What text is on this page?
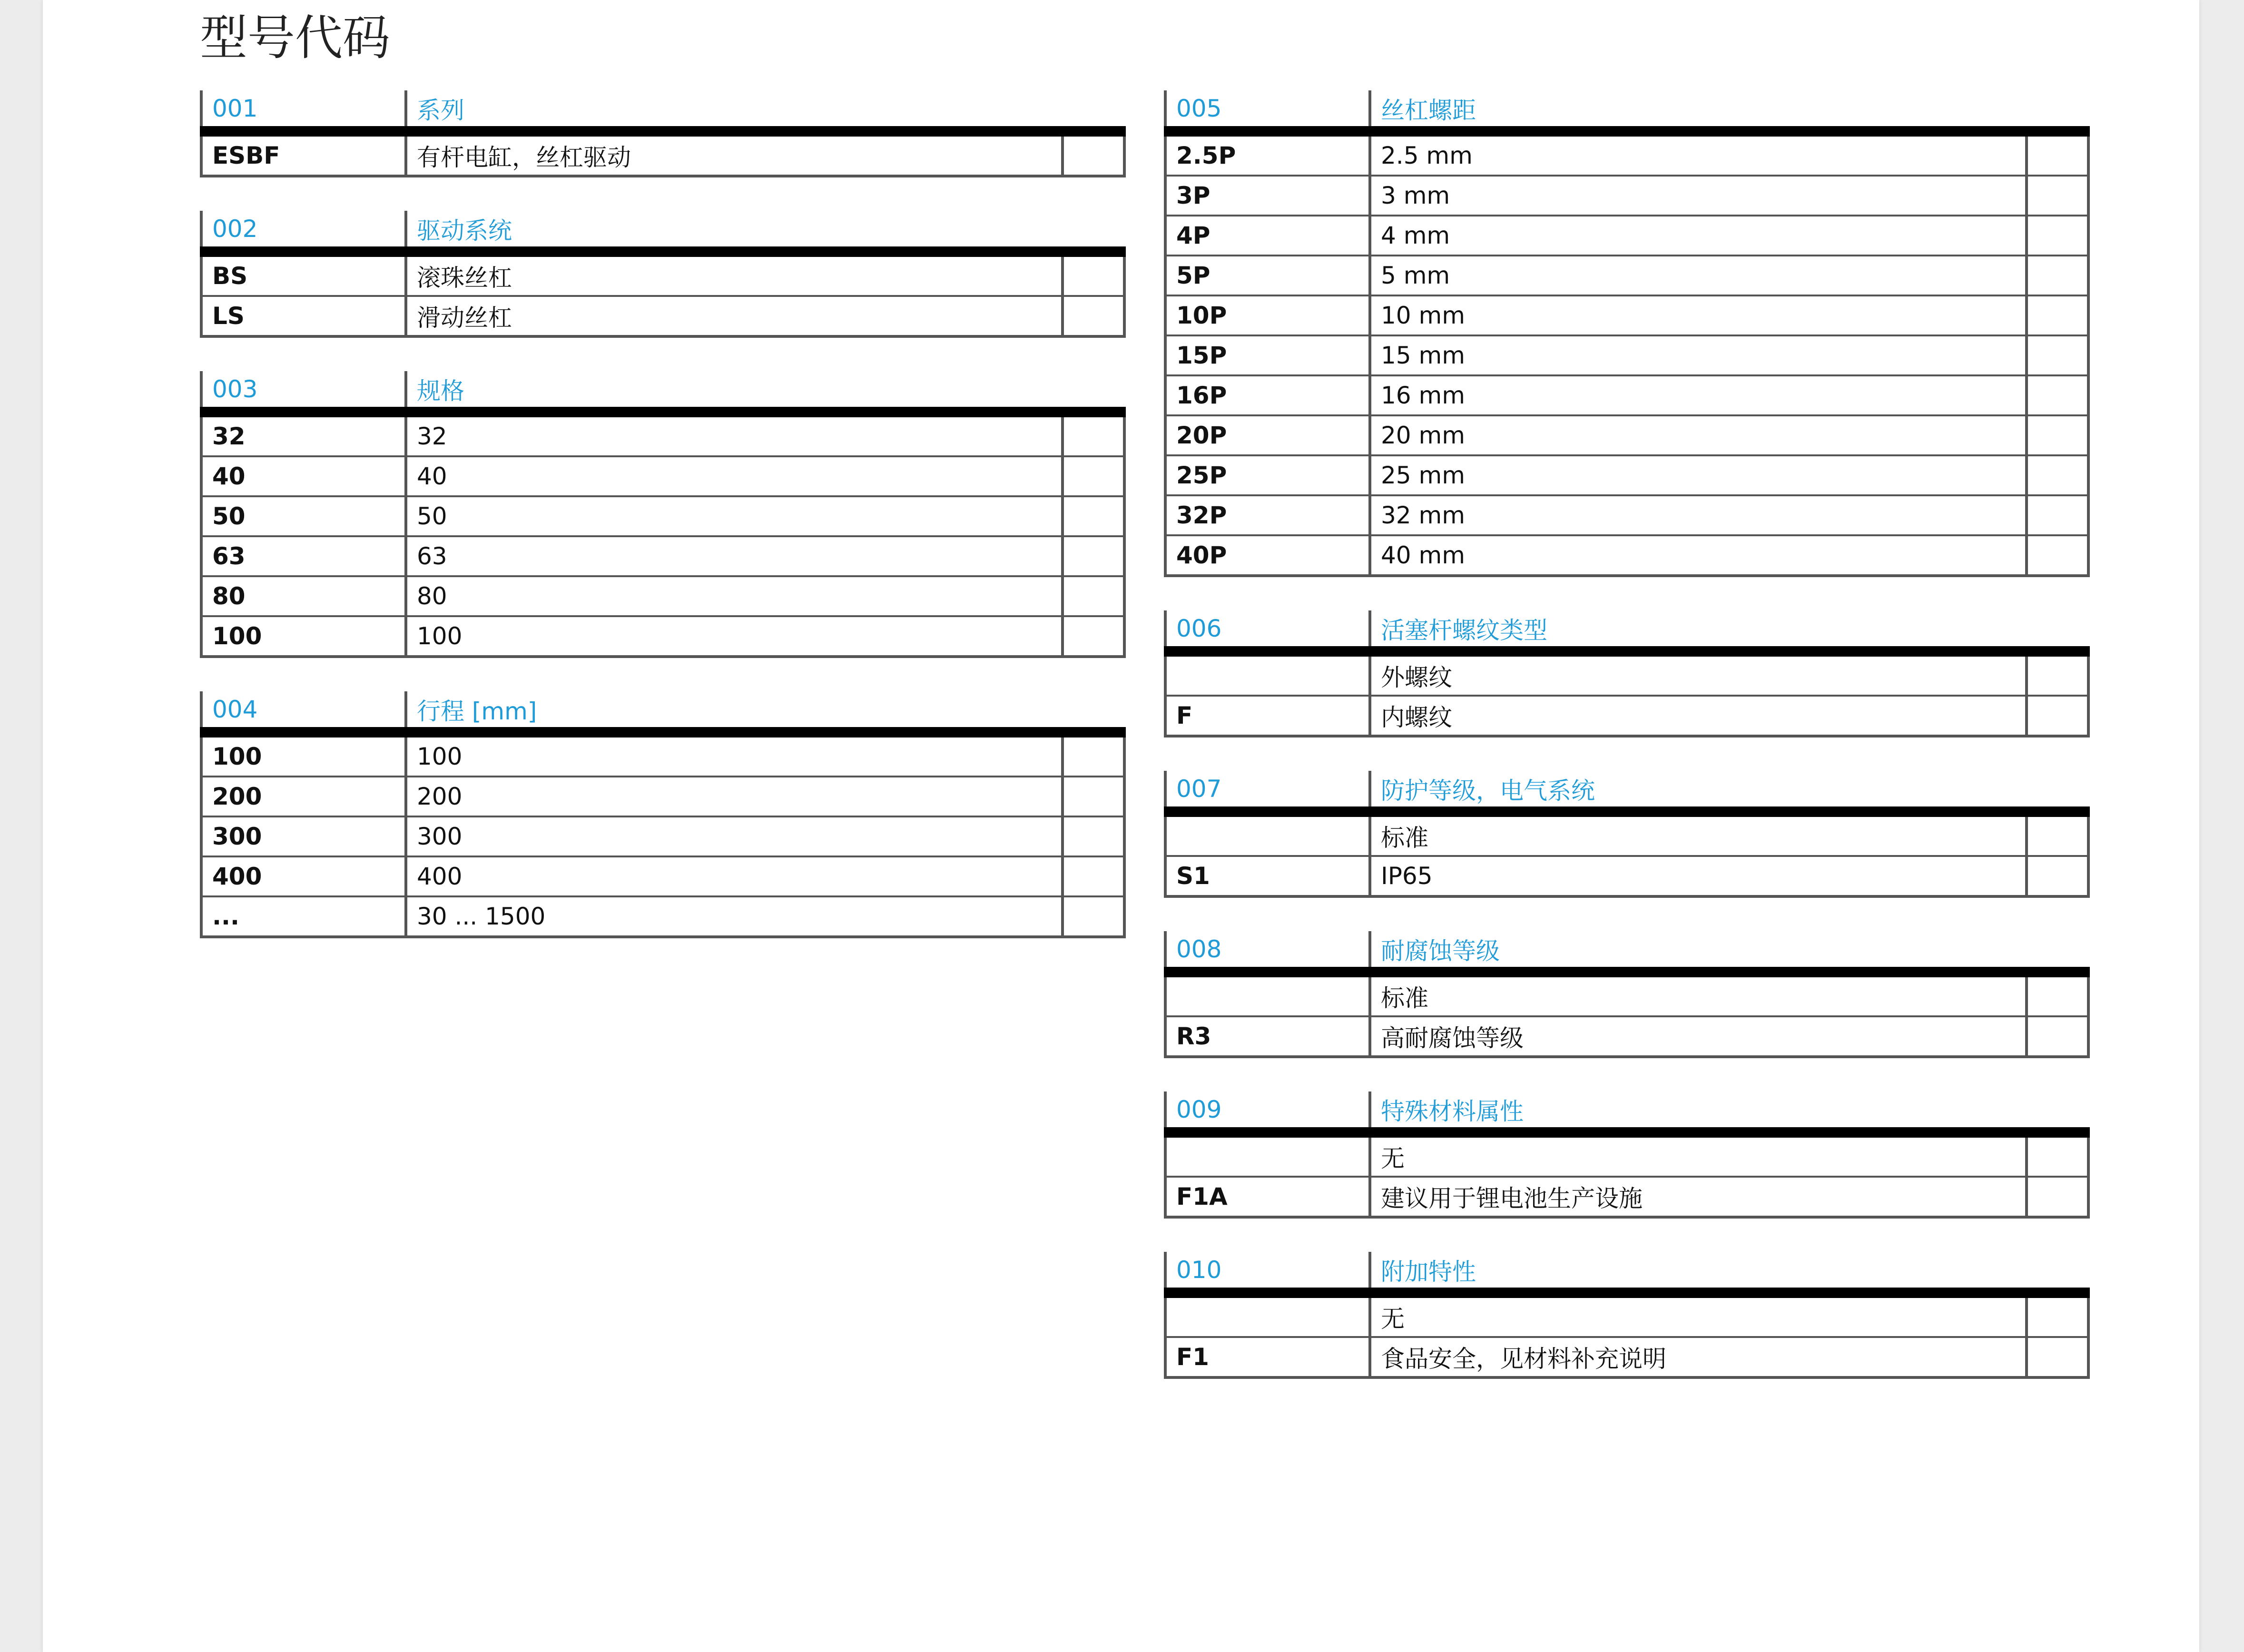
型号代码
001	系列	
ESBF	有杆电缸，丝杠驱动	
002	驱动系统	
BS	滚珠丝杠	
LS	滑动丝杠	
003	规格	
32	32	
40	40	
50	50	
63	63	
80	80	
100	100	
004	行程 [mm]	
100	100	
200	200	
300	300	
400	400	
...	30 ... 1500	
005	丝杠螺距	
2.5P	2.5 mm	
3P	3 mm	
4P	4 mm	
5P	5 mm	
10P	10 mm	
15P	15 mm	
16P	16 mm	
20P	20 mm	
25P	25 mm	
32P	32 mm	
40P	40 mm	
006	活塞杆螺纹类型	
	外螺纹	
F	内螺纹	
007	防护等级，电气系统	
	标准	
S1	IP65	
008	耐腐蚀等级	
	标准	
R3	高耐腐蚀等级	
009	特殊材料属性	
	无	
F1A	建议用于锂电池生产设施	
010	附加特性	
	无	
F1	食品安全，见材料补充说明	
